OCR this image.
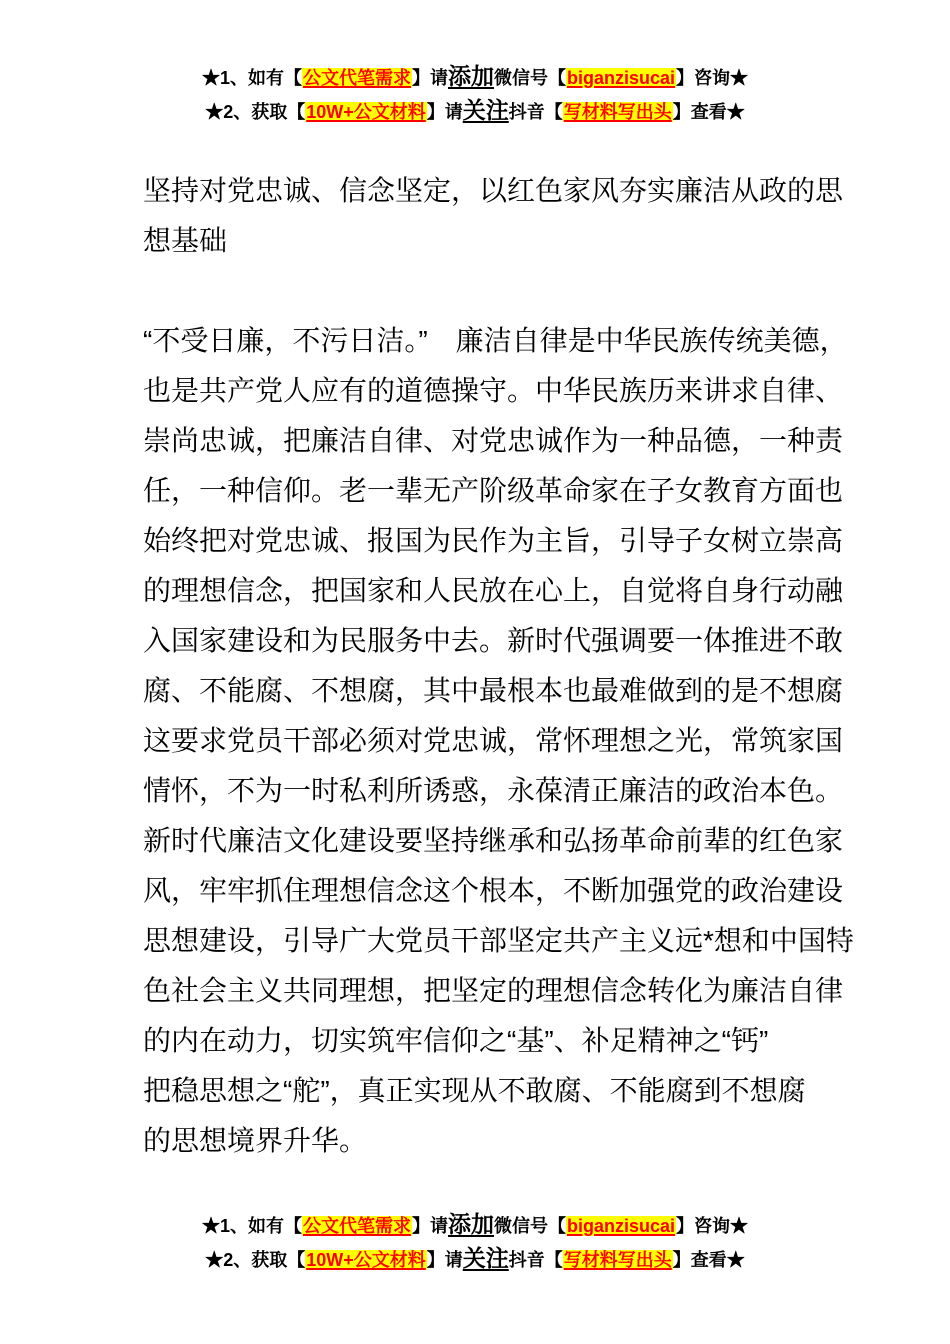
★1、如有【公文代笔需求】请添加微信号【biganzisucai】咨询★
★2、获取【10W+公文材料】请关注抖音【写材料写出头】查看★
坚持对党忠诚、信念坚定，以红色家风夯实廉洁从政的思
想基础
“不受日廉，不污日洁。”　廉洁自律是中华民族传统美德，
也是共产党人应有的道德操守。中华民族历来讲求自律、
崇尚忠诚，把廉洁自律、对党忠诚作为一种品德，一种责
任，一种信仰。老一辈无产阶级革命家在子女教育方面也
始终把对党忠诚、报国为民作为主旨，引导子女树立崇高
的理想信念，把国家和人民放在心上，自觉将自身行动融
入国家建设和为民服务中去。新时代强调要一体推进不敢
腐、不能腐、不想腐，其中最根本也最难做到的是不想腐
这要求党员干部必须对党忠诚，常怀理想之光，常筑家国
情怀，不为一时私利所诱惑，永葆清正廉洁的政治本色。
新时代廉洁文化建设要坚持继承和弘扬革命前辈的红色家
风，牢牢抓住理想信念这个根本，不断加强党的政治建设
思想建设，引导广大党员干部坚定共产主义远*想和中国特
色社会主义共同理想，把坚定的理想信念转化为廉洁自律
的内在动力，切实筑牢信仰之“基”、补足精神之“钙”
把稳思想之“舵”，真正实现从不敢腐、不能腐到不想腐
的思想境界升华。
★1、如有【公文代笔需求】请添加微信号【biganzisucai】咨询★
★2、获取【10W+公文材料】请关注抖音【写材料写出头】查看★
